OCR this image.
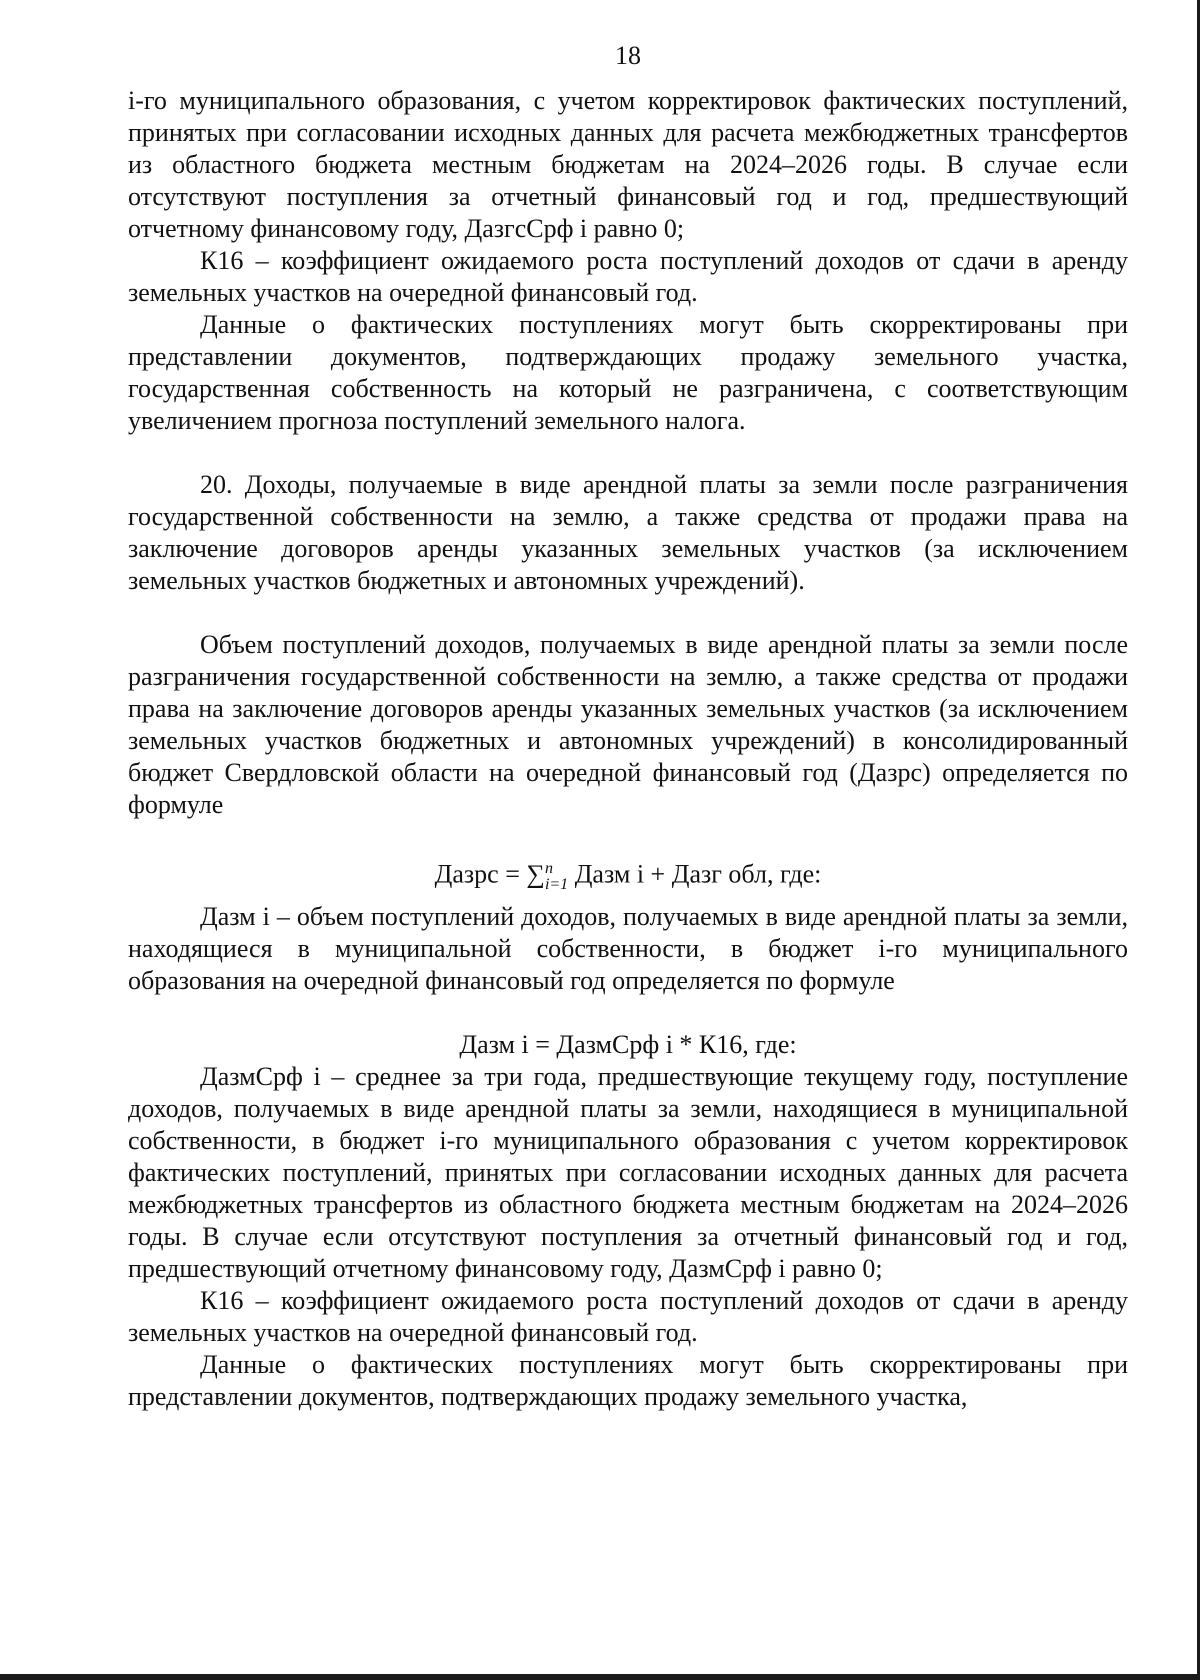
18

i-го муниципального образования, с учетом корректировок фактических поступлений, принятых при согласовании исходных данных для расчета межбюджетных трансфертов из областного бюджета местным бюджетам на 2024–2026 годы. В случае если отсутствуют поступления за отчетный финансовый год и год, предшествующий отчетному финансовому году, ДазгсСрф i равно 0;

К16 – коэффициент ожидаемого роста поступлений доходов от сдачи в аренду земельных участков на очередной финансовый год.

Данные о фактических поступлениях могут быть скорректированы при представлении документов, подтверждающих продажу земельного участка, государственная собственность на который не разграничена, с соответствующим увеличением прогноза поступлений земельного налога.

20. Доходы, получаемые в виде арендной платы за земли после разграничения государственной собственности на землю, а также средства от продажи права на заключение договоров аренды указанных земельных участков (за исключением земельных участков бюджетных и автономных учреждений).

Объем поступлений доходов, получаемых в виде арендной платы за земли после разграничения государственной собственности на землю, а также средства от продажи права на заключение договоров аренды указанных земельных участков (за исключением земельных участков бюджетных и автономных учреждений) в консолидированный бюджет Свердловской области на очередной финансовый год (Дазрс) определяется по формуле

Дазрс = ∑$^n_{i=1}$ Дазм i + Дазг обл, где:

Дазм i – объем поступлений доходов, получаемых в виде арендной платы за земли, находящиеся в муниципальной собственности, в бюджет i-го муниципального образования на очередной финансовый год определяется по формуле

Дазм i = ДазмСрф i * К16, где:

ДазмСрф i – среднее за три года, предшествующие текущему году, поступление доходов, получаемых в виде арендной платы за земли, находящиеся в муниципальной собственности, в бюджет i-го муниципального образования с учетом корректировок фактических поступлений, принятых при согласовании исходных данных для расчета межбюджетных трансфертов из областного бюджета местным бюджетам на 2024–2026 годы. В случае если отсутствуют поступления за отчетный финансовый год и год, предшествующий отчетному финансовому году, ДазмСрф i равно 0;

К16 – коэффициент ожидаемого роста поступлений доходов от сдачи в аренду земельных участков на очередной финансовый год.

Данные о фактических поступлениях могут быть скорректированы при представлении документов, подтверждающих продажу земельного участка,
